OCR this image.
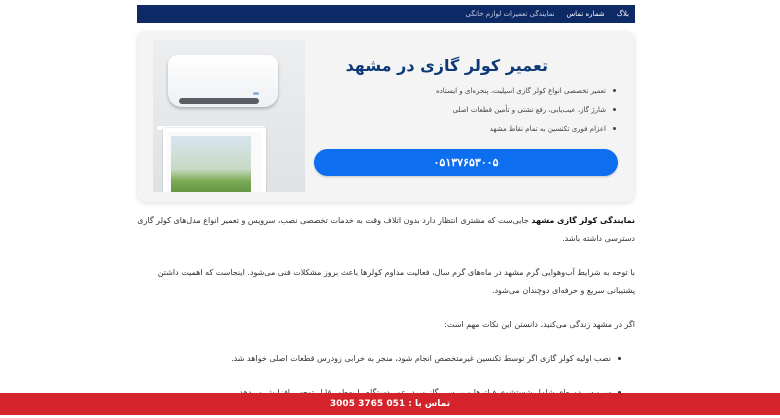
بلاگ
شماره تماس
نمایندگی تعمیرات لوازم خانگی
تعمیر کولر گازی در مشهد
تعمیر تخصصی انواع کولر گازی اسپلیت، پنجره‌ای و ایستاده
شارژ گاز، عیب‌یابی، رفع نشتی و تأمین قطعات اصلی
اعزام فوری تکنسین به تمام نقاط مشهد
۰۵۱۳۷۶۵۳۰۰۵

نمایندگی کولر گازی مشهد جایی‌ست که مشتری انتظار دارد بدون اتلاف وقت به خدمات تخصصی نصب، سرویس و تعمیر انواع مدل‌های کولر گازی دسترسی داشته باشد.

با توجه به شرایط آب‌وهوایی گرم مشهد در ماه‌های گرم سال، فعالیت مداوم کولرها باعث بروز مشکلات فنی می‌شود. اینجاست که اهمیت داشتن پشتیبانی سریع و حرفه‌ای دوچندان می‌شود.

اگر در مشهد زندگی می‌کنید، دانستن این نکات مهم است:

نصب اولیه کولر گازی اگر توسط تکنسین غیرمتخصص انجام شود، منجر به خرابی زودرس قطعات اصلی خواهد شد.
تماس با :

051 3765 3005
